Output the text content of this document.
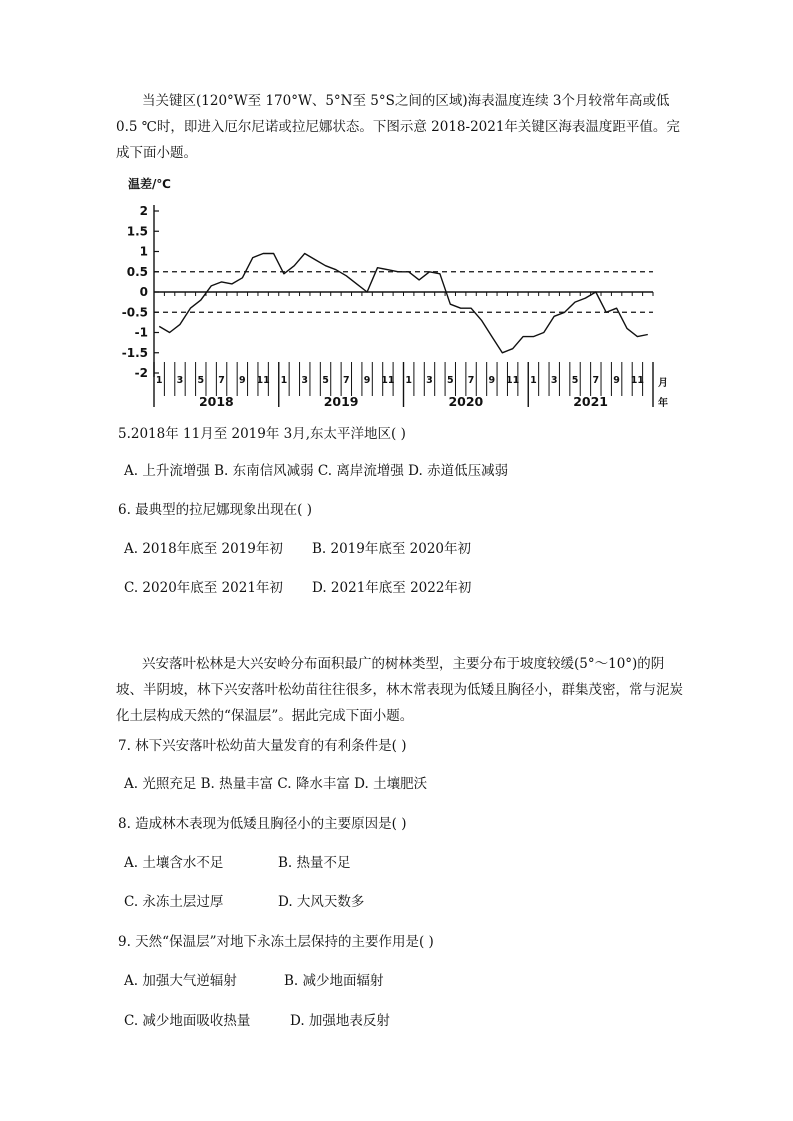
当关键区(120°W至 170°W、5°N至 5°S之间的区域)海表温度连续 3个月较常年高或低 0.5 ℃时，即进入厄尔尼诺或拉尼娜状态。下图示意 2018-2021年关键区海表温度距平值。完成下面小题。
温差/℃
2
1.5
1
0.5
0
-0.5
-1
-1.5
-2
1 3 5 7 9 11 1 3 5 7 9 11 1 3 5 7 9 11 1 3 5 7 9 11
2018	2019	2020	2021
月
年
5.2018年 11月至 2019年 3月,东太平洋地区( )
A. 上升流增强 B. 东南信风减弱 C. 离岸流增强 D. 赤道低压减弱
6. 最典型的拉尼娜现象出现在( )
A. 2018年底至 2019年初 B. 2019年底至 2020年初
C. 2020年底至 2021年初 D. 2021年底至 2022年初
兴安落叶松林是大兴安岭分布面积最广的树林类型，主要分布于坡度较缓(5°～10°)的阴坡、半阴坡，林下兴安落叶松幼苗往往很多，林木常表现为低矮且胸径小，群集茂密，常与泥炭化土层构成天然的“保温层”。据此完成下面小题。
7. 林下兴安落叶松幼苗大量发育的有利条件是( )
A. 光照充足 B. 热量丰富 C. 降水丰富 D. 土壤肥沃
8. 造成林木表现为低矮且胸径小的主要原因是( )
A. 土壤含水不足	B. 热量不足
C. 永冻土层过厚	D. 大风天数多
9. 天然“保温层”对地下永冻土层保持的主要作用是( )
A. 加强大气逆辐射	B. 减少地面辐射
C. 减少地面吸收热量	D. 加强地表反射
